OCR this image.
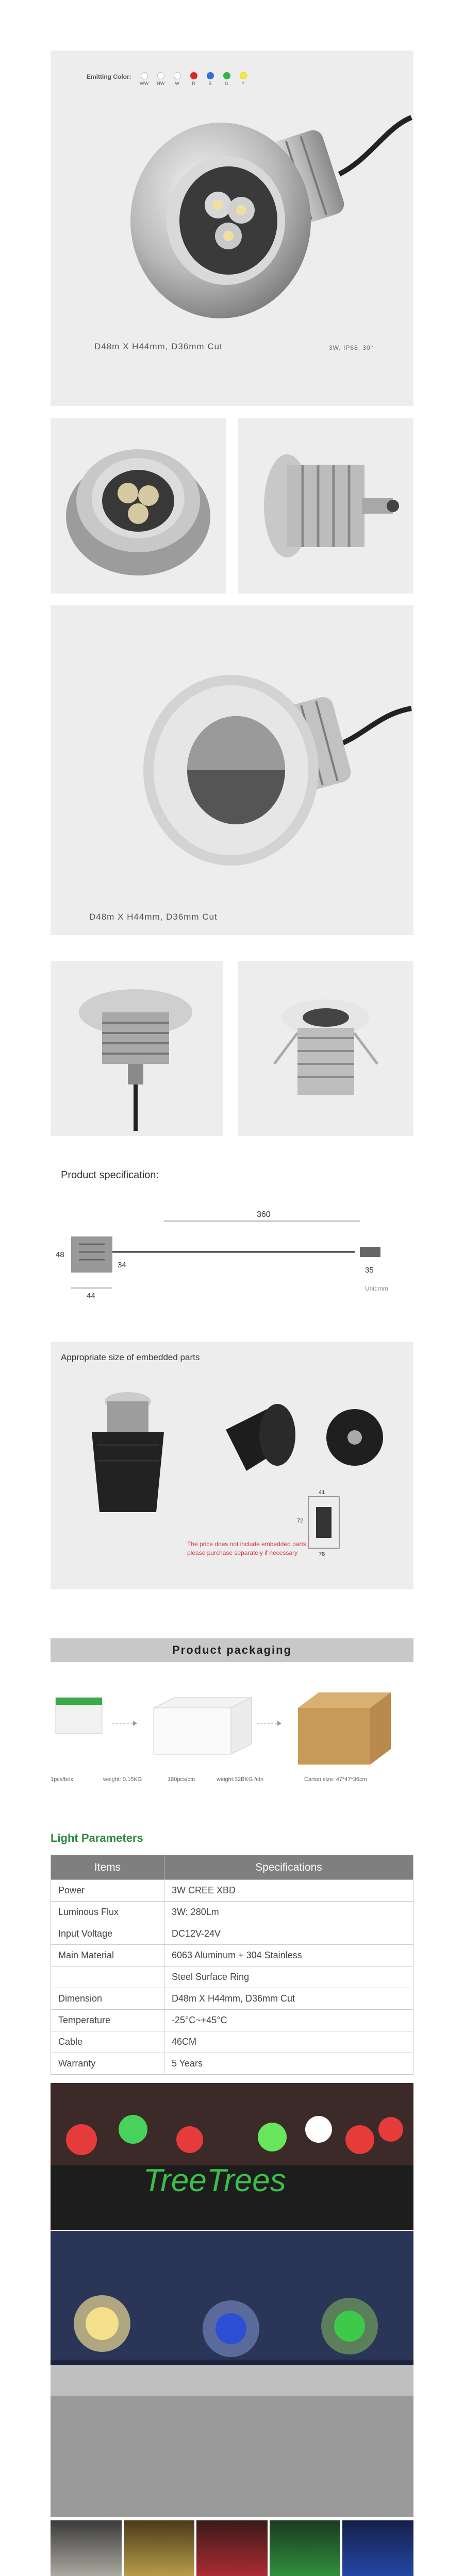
Emitting Color:
WW NW W	R	B	G	Y
D48m X H44mm, D36mm Cut	3W, IP68, 30°
D48m X H44mm, D36mm Cut
Product specification:
360
48
34
44
35
Unit:mm
Appropriate size of embedded parts
41
72
78
The price does not include embedded parts,
please purchase separately if necessary
Product packaging
1pcs/box	weight: 0.15KG	180pcs/ctn	weight:32BKG /ctn	Carton size: 47*47*36cm
Light Parameters
Items	Specifications
Power	3W CREE XBD
Luminous Flux	3W: 280Lm
Input Voltage	DC12V-24V
Main Material	6063 Aluminum + 304 Stainless
	Steel Surface Ring
Dimension	D48m X H44mm, D36mm Cut
Temperature	-25°C~+45°C
Cable	46CM
Warranty	5 Years
TreeTrees
